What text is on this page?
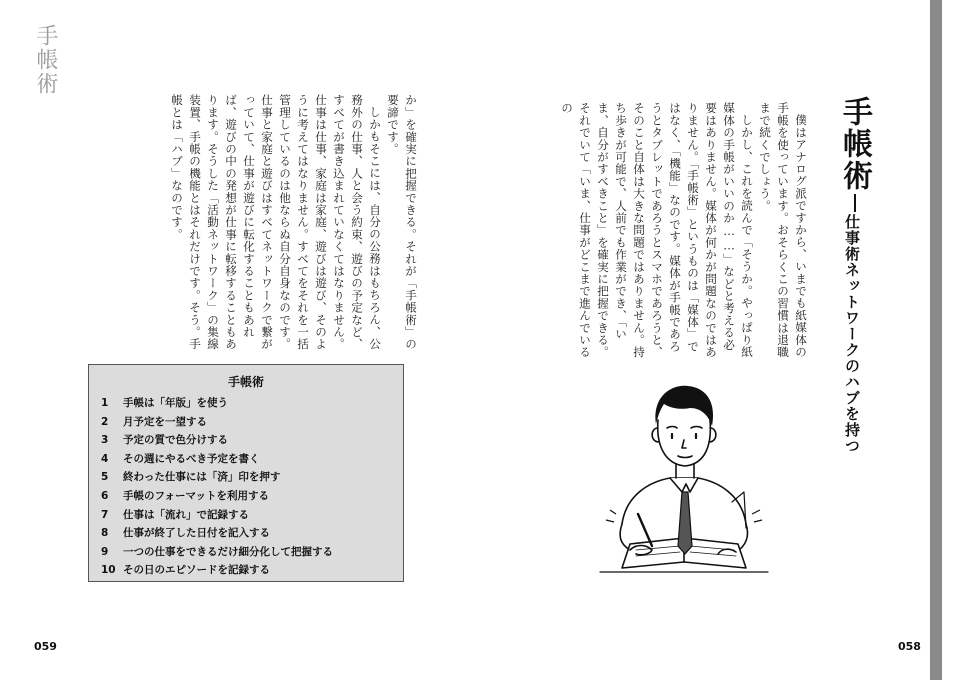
手帳術
手帳術
仕事術ネットワークのハブを持つ

僕はアナログ派ですから、いまでも紙媒体の手帳を使っています。おそらくこの習慣は退職まで続くでしょう。

しかし、これを読んで「そうか。やっぱり紙媒体の手帳がいいのか……」などと考える必要はありません。媒体が何かが問題なのではありません。「手帳術」というものは「媒体」ではなく、「機能」なのです。媒体が手帳であろうとタブレットであろうとスマホであろうと、そのこと自体は大きな問題ではありません。持ち歩きが可能で、人前でも作業ができ、「いま、自分がすべきこと」を確実に把握できる。それでいて「いま、仕事がどこまで進んでいるの

か」を確実に把握できる。それが「手帳術」の要諦です。

しかもそこには、自分の公務はもちろん、公務外の仕事、人と会う約束、遊びの予定など、すべてが書き込まれていなくてはなりません。仕事は仕事、家庭は家庭、遊びは遊び、そのように考えてはなりません。すべてをそれを一括管理しているのは他ならぬ自分自身なのです。仕事と家庭と遊びはすべてネットワークで繋がっていて、仕事が遊びに転化することもあれば、遊びの中の発想が仕事に転移することもあります。そうした「活動ネットワーク」の集線装置、手帳の機能とはそれだけです。そう。手帳とは「ハブ」なのです。

手帳術
1 手帳は「年版」を使う
2 月予定を一望する
3 予定の質で色分けする
4 その週にやるべき予定を書く
5 終わった仕事には「済」印を押す
6 手帳のフォーマットを利用する
7 仕事は「流れ」で記録する
8 仕事が終了した日付を記入する
9 一つの仕事をできるだけ細分化して把握する
10 その日のエピソードを記録する
059	058
